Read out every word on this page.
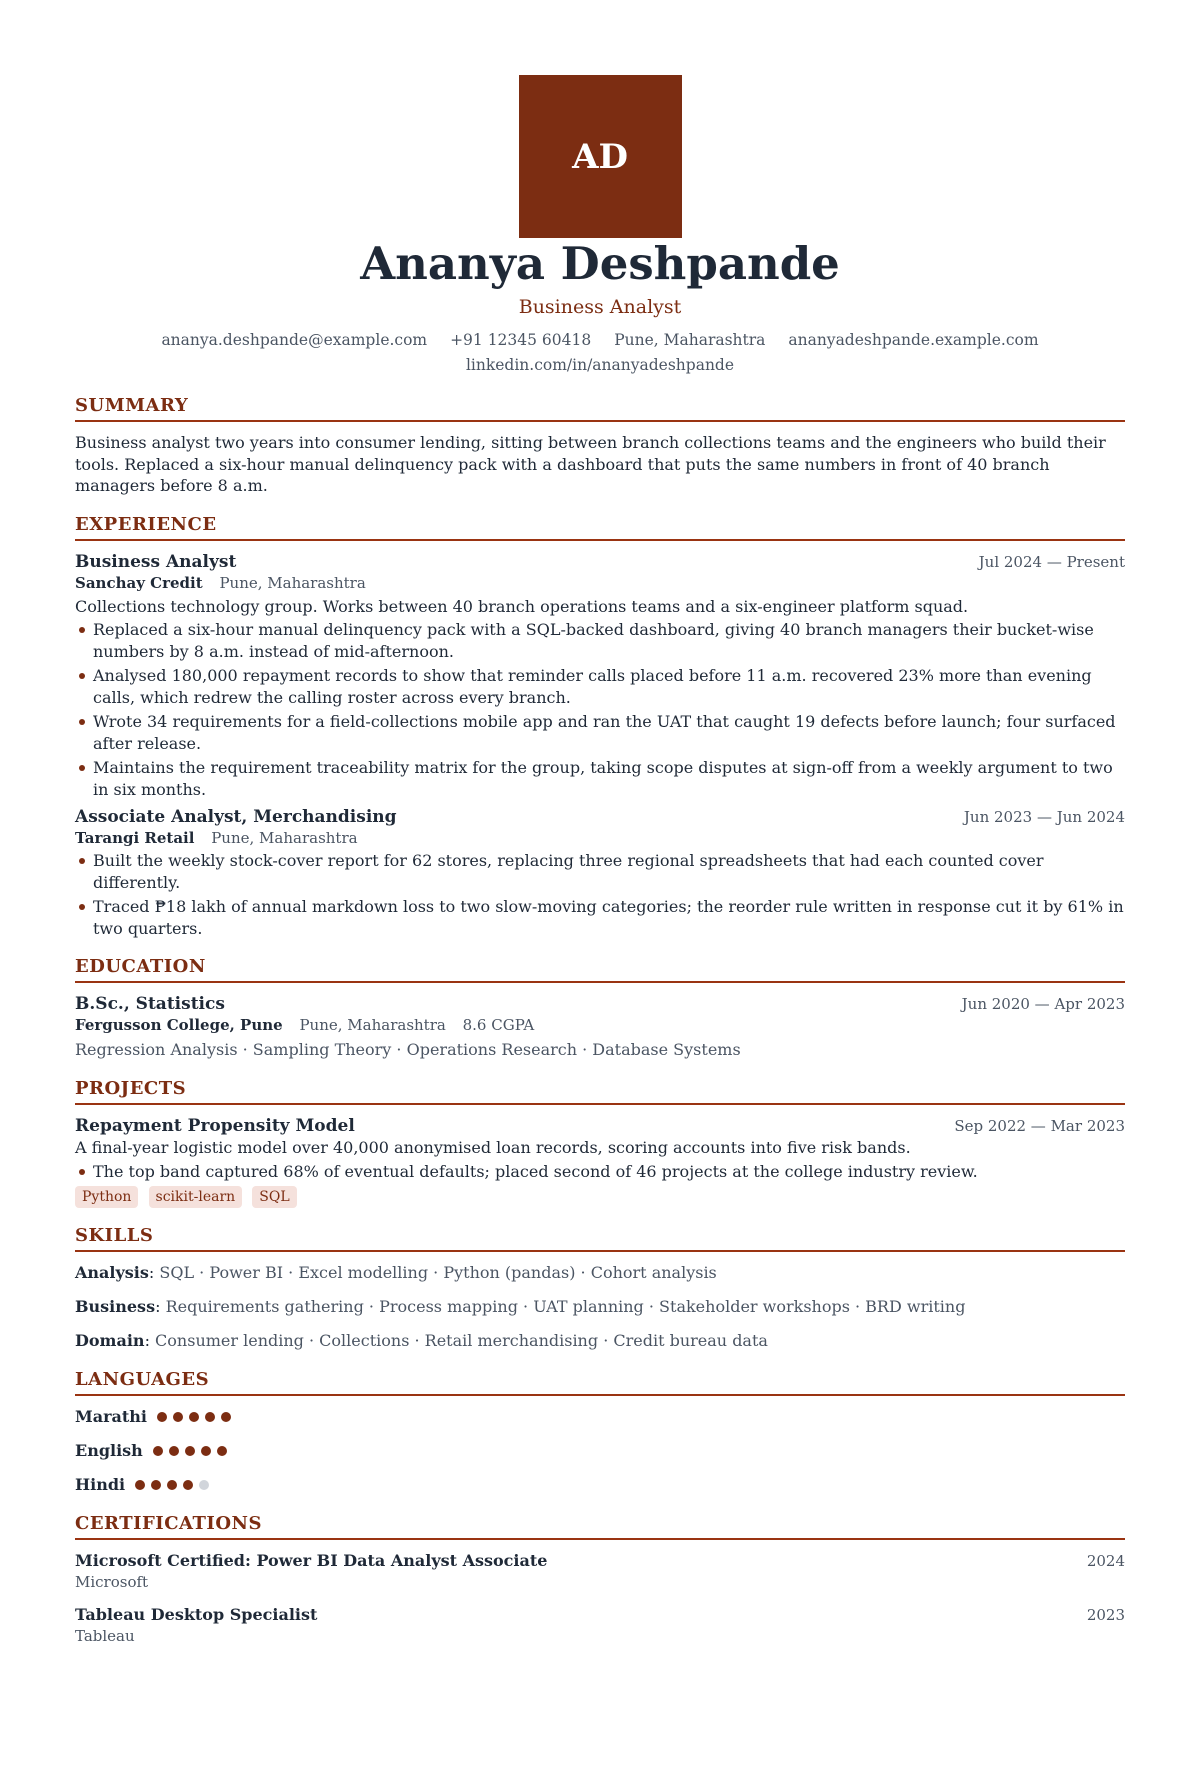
AD
Ananya Deshpande
Business Analyst
ananya.deshpande@example.com +91 12345 60418 Pune, Maharashtra ananyadeshpande.example.com
linkedin.com/in/ananyadeshpande
SUMMARY
Business analyst two years into consumer lending, sitting between branch collections teams and the engineers who build their tools. Replaced a six-hour manual delinquency pack with a dashboard that puts the same numbers in front of 40 branch managers before 8 a.m.
EXPERIENCE
Business Analyst	Jul 2024 — Present
Sanchay Credit Pune, Maharashtra
Collections technology group. Works between 40 branch operations teams and a six-engineer platform squad.
Replaced a six-hour manual delinquency pack with a SQL-backed dashboard, giving 40 branch managers their bucket-wise numbers by 8 a.m. instead of mid-afternoon.
Analysed 180,000 repayment records to show that reminder calls placed before 11 a.m. recovered 23% more than evening calls, which redrew the calling roster across every branch.
Wrote 34 requirements for a field-collections mobile app and ran the UAT that caught 19 defects before launch; four surfaced after release.
Maintains the requirement traceability matrix for the group, taking scope disputes at sign-off from a weekly argument to two in six months.
Associate Analyst, Merchandising	Jun 2023 — Jun 2024
Tarangi Retail Pune, Maharashtra
Built the weekly stock-cover report for 62 stores, replacing three regional spreadsheets that had each counted cover differently.
Traced ₱18 lakh of annual markdown loss to two slow-moving categories; the reorder rule written in response cut it by 61% in two quarters.
EDUCATION
B.Sc., Statistics	Jun 2020 — Apr 2023
Fergusson College, Pune Pune, Maharashtra 8.6 CGPA
Regression Analysis · Sampling Theory · Operations Research · Database Systems
PROJECTS
Repayment Propensity Model	Sep 2022 — Mar 2023
A final-year logistic model over 40,000 anonymised loan records, scoring accounts into five risk bands.
The top band captured 68% of eventual defaults; placed second of 46 projects at the college industry review.
Python scikit-learn SQL
SKILLS
Analysis: SQL · Power BI · Excel modelling · Python (pandas) · Cohort analysis
Business: Requirements gathering · Process mapping · UAT planning · Stakeholder workshops · BRD writing
Domain: Consumer lending · Collections · Retail merchandising · Credit bureau data
LANGUAGES
Marathi
English
Hindi
CERTIFICATIONS
Microsoft Certified: Power BI Data Analyst Associate	2024
Microsoft
Tableau Desktop Specialist	2023
Tableau
